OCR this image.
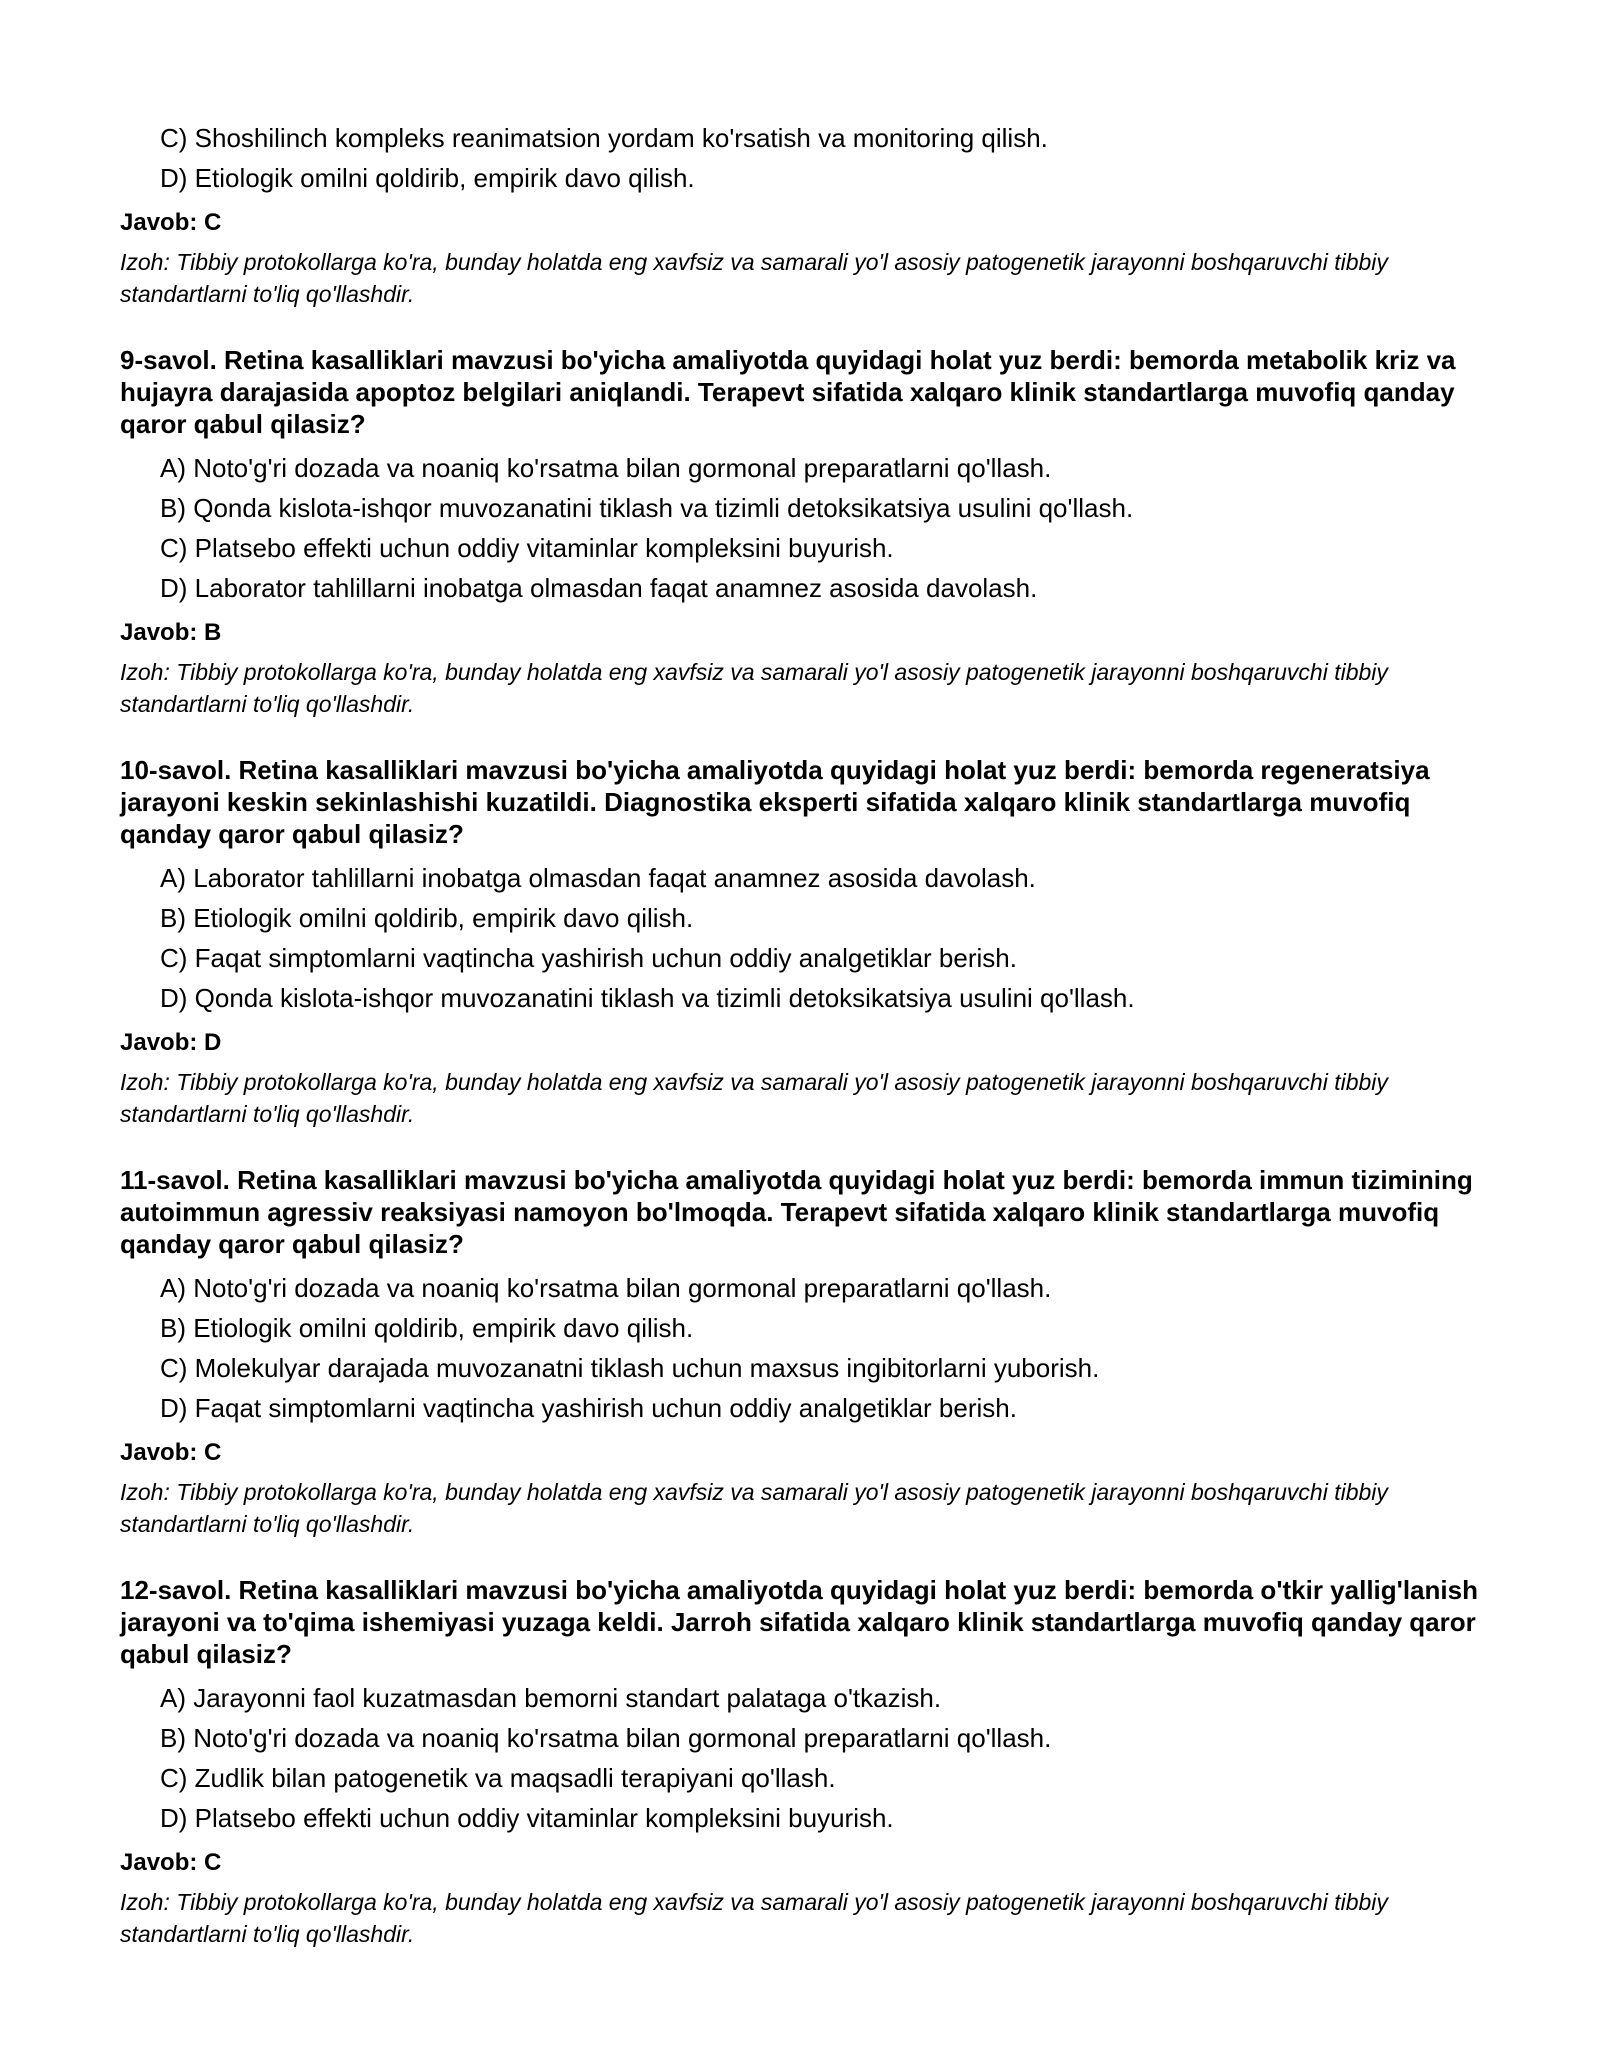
C) Shoshilinch kompleks reanimatsion yordam ko'rsatish va monitoring qilish.
D) Etiologik omilni qoldirib, empirik davo qilish.
Javob: C
Izoh: Tibbiy protokollarga ko'ra, bunday holatda eng xavfsiz va samarali yo'l asosiy patogenetik jarayonni boshqaruvchi tibbiy standartlarni to'liq qo'llashdir.
9-savol. Retina kasalliklari mavzusi bo'yicha amaliyotda quyidagi holat yuz berdi: bemorda metabolik kriz va hujayra darajasida apoptoz belgilari aniqlandi. Terapevt sifatida xalqaro klinik standartlarga muvofiq qanday qaror qabul qilasiz?
A) Noto'g'ri dozada va noaniq ko'rsatma bilan gormonal preparatlarni qo'llash.
B) Qonda kislota-ishqor muvozanatini tiklash va tizimli detoksikatsiya usulini qo'llash.
C) Platsebo effekti uchun oddiy vitaminlar kompleksini buyurish.
D) Laborator tahlillarni inobatga olmasdan faqat anamnez asosida davolash.
Javob: B
Izoh: Tibbiy protokollarga ko'ra, bunday holatda eng xavfsiz va samarali yo'l asosiy patogenetik jarayonni boshqaruvchi tibbiy standartlarni to'liq qo'llashdir.
10-savol. Retina kasalliklari mavzusi bo'yicha amaliyotda quyidagi holat yuz berdi: bemorda regeneratsiya jarayoni keskin sekinlashishi kuzatildi. Diagnostika eksperti sifatida xalqaro klinik standartlarga muvofiq qanday qaror qabul qilasiz?
A) Laborator tahlillarni inobatga olmasdan faqat anamnez asosida davolash.
B) Etiologik omilni qoldirib, empirik davo qilish.
C) Faqat simptomlarni vaqtincha yashirish uchun oddiy analgetiklar berish.
D) Qonda kislota-ishqor muvozanatini tiklash va tizimli detoksikatsiya usulini qo'llash.
Javob: D
Izoh: Tibbiy protokollarga ko'ra, bunday holatda eng xavfsiz va samarali yo'l asosiy patogenetik jarayonni boshqaruvchi tibbiy standartlarni to'liq qo'llashdir.
11-savol. Retina kasalliklari mavzusi bo'yicha amaliyotda quyidagi holat yuz berdi: bemorda immun tizimining autoimmun agressiv reaksiyasi namoyon bo'lmoqda. Terapevt sifatida xalqaro klinik standartlarga muvofiq qanday qaror qabul qilasiz?
A) Noto'g'ri dozada va noaniq ko'rsatma bilan gormonal preparatlarni qo'llash.
B) Etiologik omilni qoldirib, empirik davo qilish.
C) Molekulyar darajada muvozanatni tiklash uchun maxsus ingibitorlarni yuborish.
D) Faqat simptomlarni vaqtincha yashirish uchun oddiy analgetiklar berish.
Javob: C
Izoh: Tibbiy protokollarga ko'ra, bunday holatda eng xavfsiz va samarali yo'l asosiy patogenetik jarayonni boshqaruvchi tibbiy standartlarni to'liq qo'llashdir.
12-savol. Retina kasalliklari mavzusi bo'yicha amaliyotda quyidagi holat yuz berdi: bemorda o'tkir yallig'lanish jarayoni va to'qima ishemiyasi yuzaga keldi. Jarroh sifatida xalqaro klinik standartlarga muvofiq qanday qaror qabul qilasiz?
A) Jarayonni faol kuzatmasdan bemorni standart palataga o'tkazish.
B) Noto'g'ri dozada va noaniq ko'rsatma bilan gormonal preparatlarni qo'llash.
C) Zudlik bilan patogenetik va maqsadli terapiyani qo'llash.
D) Platsebo effekti uchun oddiy vitaminlar kompleksini buyurish.
Javob: C
Izoh: Tibbiy protokollarga ko'ra, bunday holatda eng xavfsiz va samarali yo'l asosiy patogenetik jarayonni boshqaruvchi tibbiy standartlarni to'liq qo'llashdir.
